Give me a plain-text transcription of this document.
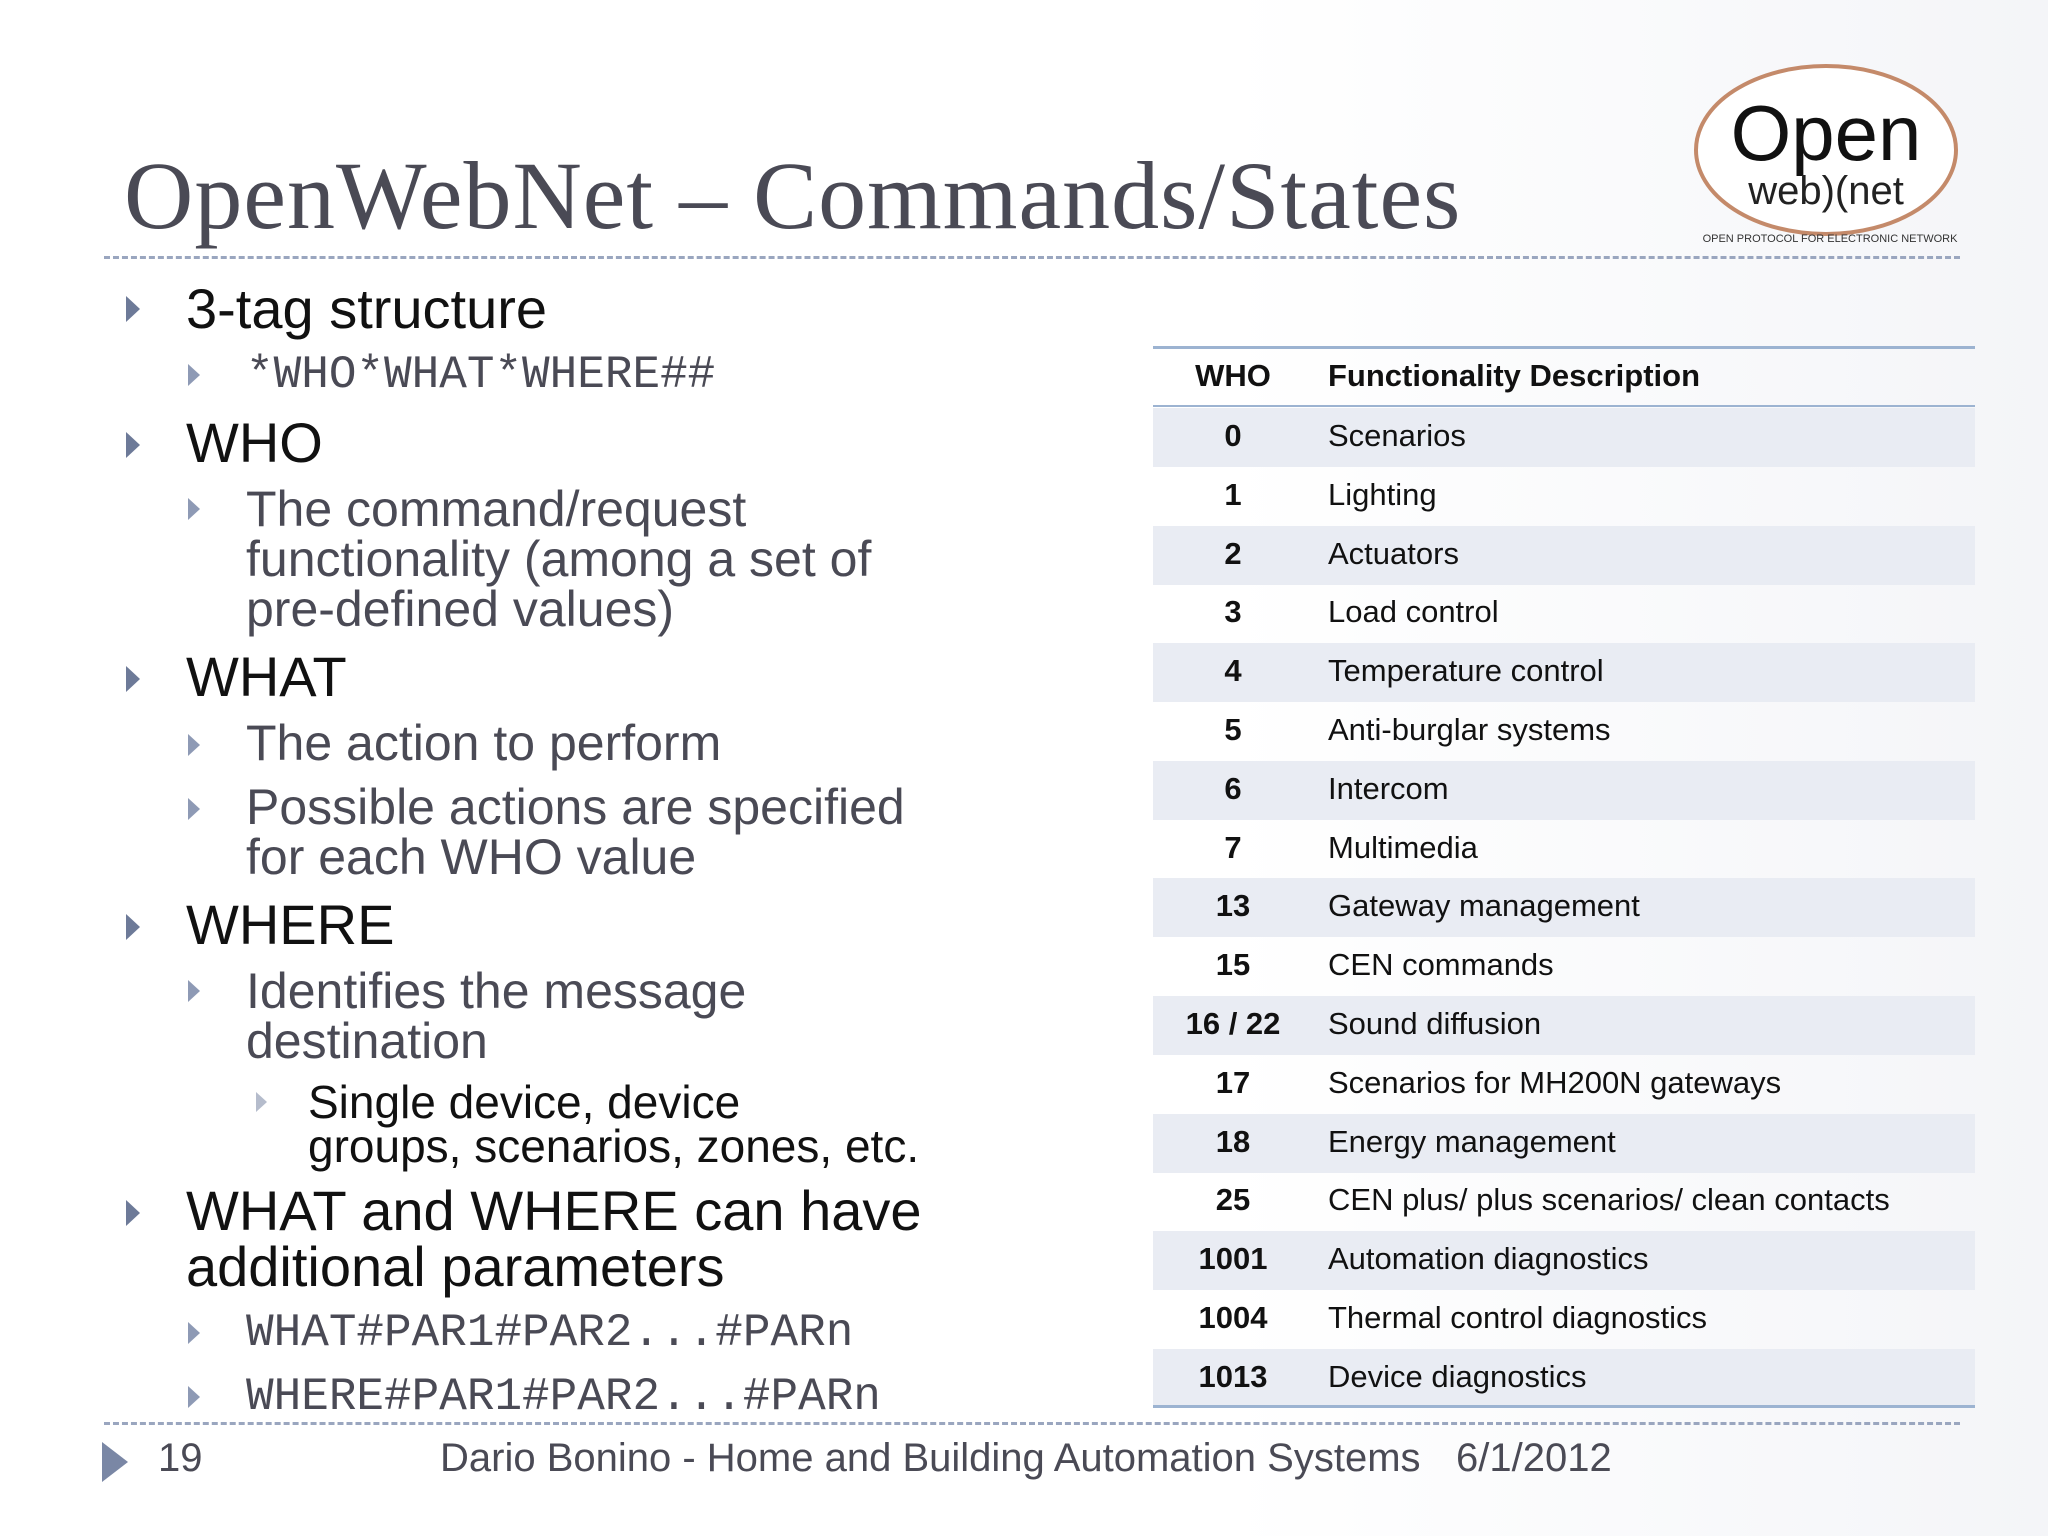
OpenWebNet – Commands/States
Open
web)(net
OPEN PROTOCOL FOR ELECTRONIC NETWORK
3-tag structure
*WHO*WHAT*WHERE##
WHO
The command/request
functionality (among a set of
pre-defined values)
WHAT
The action to perform
Possible actions are specified
for each WHO value
WHERE
Identifies the message
destination
Single device, device
groups, scenarios, zones, etc.
WHAT and WHERE can have
additional parameters
WHAT#PAR1#PAR2...#PARn
WHERE#PAR1#PAR2...#PARn
WHO	Functionality Description
0	Scenarios
1	Lighting
2	Actuators
3	Load control
4	Temperature control
5	Anti-burglar systems
6	Intercom
7	Multimedia
13	Gateway management
15	CEN commands
16 / 22	Sound diffusion
17	Scenarios for MH200N gateways
18	Energy management
25	CEN plus/ plus scenarios/ clean contacts
1001	Automation diagnostics
1004	Thermal control diagnostics
1013	Device diagnostics
19	Dario Bonino - Home and Building Automation Systems 6/1/2012
